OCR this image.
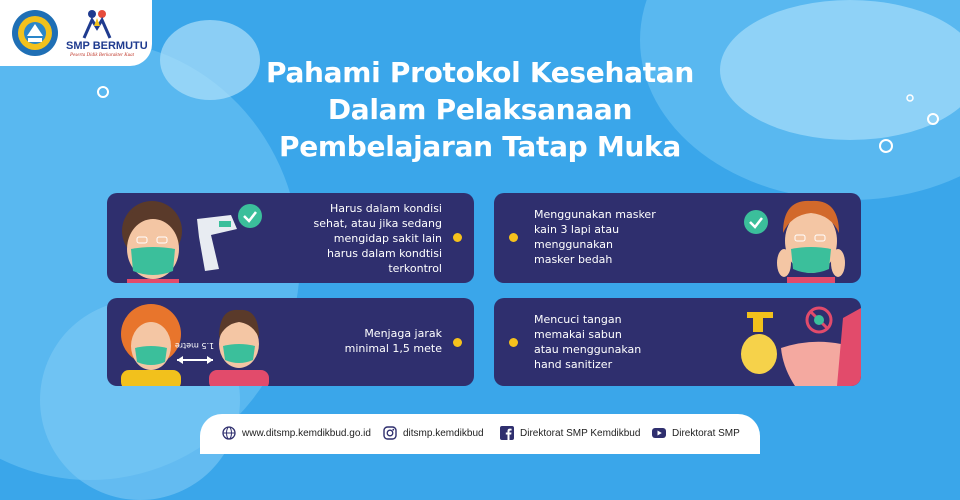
SMP BERMUTU
Peserta Didik Berkarakter Kuat
Pahami Protokol Kesehatan
Dalam Pelaksanaan
Pembelajaran Tatap Muka
Harus dalam kondisi
sehat, atau jika sedang
mengidap sakit lain
harus dalam kondtisi
terkontrol
Menggunakan masker
kain 3 lapi atau
menggunakan
masker bedah
1.5 metre
Menjaga jarak
minimal 1,5 mete
Mencuci tangan
memakai sabun
atau menggunakan
hand sanitizer
www.ditsmp.kemdikbud.go.id	ditsmp.kemdikbud	Direktorat SMP Kemdikbud	Direktorat SMP
